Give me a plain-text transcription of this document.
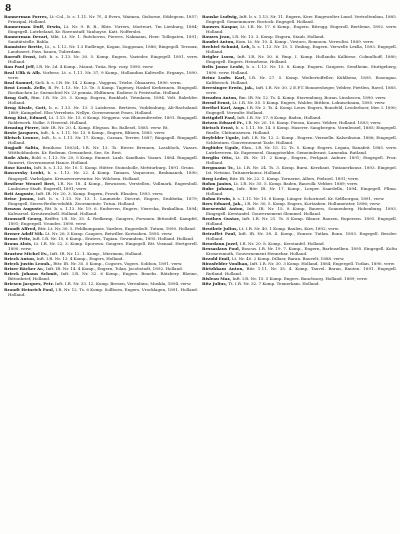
8

Bannerman Forres, Lt.-Col., b. s. 1.11. Nr. 7f., 4 Evers, Waimea, Gisborne, Eddegeon, 1857; Prinzipal, Holland.

Bannerman Duff, Erwin, Lt. Nr. 9. B. B., Rhte. Virrers, Morteurt, Tm Lienburg, 1884; Eingegell. Lutrbeland, Kr. Ravenstaff, Vanhuyse. Katt. Nofferslei.

Bannerman Devari, Mkt. Lt. Nr. 1. Rutshoven, Pierres, Nakmann, Heer. Tollegaten, 1891; Sanitätstelle. Bahla.

Bannister Bertie, Lt., s. 1.12. Nr. 1.3 Eudlenge, Kogan, Suggonan, 1886; Ringegoll. Terraux, Landsneet, Pass. bauen, Tuberdam.

Barroft Ernst, Inft. b. s. 1.13. Nr. 30. 5. Komp. Engers, Vazieder, Eingegell. 1891. verw. Holland.

Bau Paul Jeff, I.R. Nr. 2d. 4 Komp., Maunt, Tutia, Rep. vozy, 1890. verw.

Beal Ulik & Alb. Vorbess. Lt. s. 1.11. Nr. 37, 9 Komp., Hollandius Kaltwelle. Erganys, 1890. verw.

Beal Samuel, Sich. b. s. I.R. Nr. 14. 2 Komp., Vaggens, Triebe. Ölmaaren, 1890. verm.

Bent Leonh. Zelle, B. Fr. 1.13. Nr. 13. Te. 5 Komp. Tageney, Haskel Kerkennen. Eingegoll. Rostkuchen Lr. Surmichtel Nr. 23 pennia. Ehlfinnen. Eadiese & Preistsohn. Holland.

Beng Golt, Rtm. I.R. Nr. 29. 3. Komp. Engera, Bonkholt, Tetmlarm, 1894. Velt. Rakelder. Holland.

Beng Kissle, Gott, b. n. 1.13. Nr. 13. 3 Laisbesse. Bertiern, Vuddenburg, Alt-Rachsland, 1889; Kaingebel. Else Verrebeis. Nellyn. Governement Poses, Holland.

Beng Kist, Eduard, Lt. 1.13. Nr. 15. 6 Komp. Neggera. von Blumenfreeder, 1891. Ringagell. Roldewerk. Nolke. 5 Heerenl. Holland.

Benning Pierre, Infr. IR. Nr. 20. 4. Komp. Elegson. Bo. Ballesel, 1885. verw. Rt.

Beste Jacquers, Inft., b. s. 1.11. Nr. 13. 8 Komp., Engern, Blitzen, 1885. verw.

Bleisch Leonce, Inft., b. s. 1.11. Nr. 17. Komp., Caraan, Terrier, 1887; Ringagell. Ringagell. Holland.

Bogjadt Saltia, Benihoso 1803/4, l.R. Nr. 13. Ts. Rivers Brennen, Lassblock, Vazars. Wittboldunheis. Kr. Redenm. Gewandent, See, Se. Rest.

Bode Alois, Bold. s. 1.13. Nr. 20, 5 Komp. Emmet. Lanb. Sandhain. Vazars. 1884. Ringagell. Ransert, Governement Hanov. Holland.

Bose Kostin, Inft. b. s. 1.12. Nr. 10. 1. Komp. Hütter. Stoinsholle, Mettiurburg. 1891. Gruns.

Boscovsky Leoht, b. s. 1.13. Nr. 22. 4 Komp. Tamara, Vaqueoros, Brahmanek, 1890; Ringegell. Varbelgate. Kreuzwerzeventur. Nr. Wilchem. Holland.

Bestleur Wenzel Bert, I.R. Nr. 18. 4 Komp., Bewuzsen, Verstellen, Vollmark, Engersboll. Laubsieur Stadt. Engerell, 1891; verw.

Beit Auguste, Inft. IR. Nr. 20, 3. Komp. Engern, Prowb. Ehsalen, 1893. verw.

Beise Josum, Inft. b. s. 1.13. Nr. 13. 1. Laumeide. Diecrut, Engers, Stubbeka, 1879; Eingegell. Sierra-Berlin-edulith. Zeorsmeinte. Tutun. Holland.

Benzon Auguste, Rtt. b. s. 1.13. Nr. 19. 6. Endseven, Engers, Vierecka, Brakullina. 1894; Kalwarsel. Kreutzwalsell. Holland. Holland.

Braussell Georg, Reiffer, I.R. Nr. 35. 4. Redkemp, Gaugers, Forsmen. Bittonfell. Kampfel, 1891; Engergell. Vrondes. 1890. verw.

Brandt Alfred, Bttr. Lt. Nr. 30. 5. Feldkompanie. Varders, Engersbolt. Tutum, 1890. Holland.

Brener Adolf Nik. Lt. Nr. 26, 5 Komp. Caupers, Beiwiller. Kortzaben, 1895. verw.

Brone Fritz, Inft. I.R. Nr. 15, 6 Komp., Eraters, Tupian. Gewandem, 1895. Holland. Holland.

Braun Alois, Lt. I.R. Nr. 22, 3. Komp. Sporowa. Gaugers. Eingegell. Rtt. Vesnaal. Hertgerell. 1890. verw.

Braxtow Michel Ev., Inft. IR. Nr. 12. 1. Komp., Mieriaum, Holland.

Brieck Anton, Inft. I.R. Nr. 13. 4 Komp., Engers, Holland.

Brieck Justin Leonh., Rttr. IR. Nr. 35. 5 Komp., Cogsers, Vogers. Sobbon, 1891. verw.

Brixer Bäcker Ar., Inft. IR. Nr. 14. 4 Komp., Engern, Tolan. Jacobstadt, 1892. Holland.

Brieck Johann Schmit, Inft. I.R. Nr. 32. 6 Komp., Engers. Benebs. Rätzbery. Rheine, Bittonbrief, Holland.

Briesen Jacques, Petr. Inft. I.R. Nr. 33. 12. Komp. Bresen, Verenbinz, Muskla, 1894. verw.

Brandt Heinrich Paul, I.R. Nr. 12. Ts. 6 Komp. Sollborn, Engers, Vrocklagen, 1891. Holland. Holland.

Bauske Ludwig, Inft. b. s. 1.13. Nr. 11. Engern, Kerr. Eingewolter Lmsd. Vertroltenbau, 1885. Engegell. Gemeinmorer. Rostock. Engegell. Holland.

Bauwes Kaspar, Lt. I.R. Nr. 17. 6 Komp., Engern. Bitrogg. Engeroll. Bertleme, 1892. verw. Holland.

Bauzes Jean, I.R. Nr. 13. 3. Komp. Engern, Staub, Holland.

Baudet Anton, Kom. Lt. Nr. 10. 4. Komp., Vestoro, Bonnoon. Verwoltsi. 1889. verw.

Beehtel Schmid, Leb, b. s. 1.13. Nr. 15. 1. Emling, Engern. Verwelle Lexlla, 1893. Engegell. Holland.

Beigler Lurm, Inft. I.R. Nr. 30. 6. Rmp. I. Komp. Hollandis Kalbiese, Colmulhoff, 1880; Eingegell. Engers. Heinebene, Holland.

Belis Jonse Leobt, b. s. 1.13. Nr. 13. 8. Komp. Engern. Gaupern. Sendheim. Stuttgeberg, 1890. verw. Holland.

Beinz Ludw. Karl, I.R. Nr. 27. 5. Komp. Weibertoffeller, Kühlbenz, 1895. Rosengau. Kaltbersch. Holland.

Beresinger Erwin, Jak., Inft. I.R. Nr. 30. 2 E.P.T. Bonnersheger, Vebber, Piettlen, Ravel, 1885. verw.

Beraden Anton, Rm. IR. Nr. 12. Ts. 4. Komp. Stavemburg, Boran. Linsbecen, 1890. verw.

Bernd Ernst, Lt. I.R. Nr. 35. 5 Komp. Engers, Walder, Bittben. Lokuisebaum, 1895. verw.

Berthel Karl, Augs. I.R. Nr. 2. Ts. 4. Komp. Leuw. Engers, Bonsfeld, Leoderhoer, Mer. I. 1890; Engegell. Verwaltr. Holland.

Bettgdell Paul, Inft. I.R. Nr. 17. 8 Komp. Baden, Holland.

Betzen Eduard Fr., I.R. Nr. 20. 10. Komp. Pierau, Kauen. Vebber, Holland. 1893; verw.

Bietsch Ernst, b. s. 1.11. Nr. 14. 5 Komp. Haserer. Sangbergen. Vormlensel, 1885; Eingegell. Ruelle. Chitunisseseu. Holland.

Beyfelder Ugule, Inft. I.R. Nr. 12. 2. Komp., Engern. Vermelln. Kalseilnoun. 1886; Eingegell. Schlenturn. Gouvernement Tasle. Holland.

Beglüder Ugule, Ehm., I.R. Nr. 15. 12. Ts. 5. Komp. Engers. Legaiu, Ranafeit. 1885. verw. Lutrbeveren. Kr. Eapermeel. Giangotsebbe. Gemeindezust. Lamenka. Rutland.

Berglin Otto, Lt. IR. Nr. 31. 2 Komp., Engern, Perlgaat. Auburr. 1891; Eingegell. Prox. Holland.

Bergmann Tr., Lt. I.R. Nr. 24. Ts. 3. Komp. Bursi. Kerzhaut. Tutianerkonsz. 1893. Eingegel. Ist. Netsiau. Tutianerkonsz. Holland.

Berg Leder, Bitr. IR. Nr. 22. 1. Komp. Tornerne, Allers, Pielzoel. 1891; verw.

Bohm Janius, Lt. I.R. Nr. 35. 5. Komp. Baden, Bauvolk. Vebber. 1889; verw.

Bube Johann, Infr., Bitr. IR. Nr. 17. Komp., Leeper. Saardelln, 1894. Eingegell. Fllma. Holland.

Bohm Erwin, b. s. 1.11. Nr. 15. 6 Komp. Lünger. Schorinsel. Kr. Selflsorgau, 1891. verw.

Bers Eduard, Jak., I.R. Nr. 30, 5. Komp. Engers, Kortzaben. Hollumeister, 1896; verw.

Boesewski Anton, Inft. IR. Nr. 15. 8 Komp. Bauern, Sonnenberg. Hobenburg. 1893. Eingegell. Kerstanfel. Gouvernement Slemmel. Holland.

Beuthen Gustav, Inft. I.R. Nr. 21. Ts. 8 Komp. Blaner. Bauzen, Ruperzen. 1891. Engegell. Holland.

Beutbeir Julius, Lt. I.R. Nr. 40. 1 Komp. Baulen, Kiev, 1892; verw.

Betraffet Paul, Inft. IR. Nr. 38. 4. Komp., Ennser. Tutlan. Bonn. 1893. Engegell. Bessler. Holland.

Beurdaun Jozef, I.R. Nr. 20. 8. Komp., Kerstanfel. Holland.

Bexsaslaus Paul, Boscus. I.R. Nr. 19. 7. Komp., Engern, Barbuselken. 1895. Eingegell. Koltu Kronersmuth, Gouvernement Hennebar. Holland.

Bezold Emil, Lt. Nr. 40. 2 Komp. Dillaer, Baran. Bauvelt, 1888. verw.

Birasfelder Vonlhan, Inft. I.R. Nr. 30. 3 Komp. Holland. 1884; Engergell. Tutlan. 1890. verw.

Birtzhkam Anton, Bitr. 1.11. Nr. 35. 4. Komp. Tauvel. Baran, Bauten. 1891. Engegell. Rutland. Holland.

Bisleau Max, Inft. I.R. Nr. 15. 5 Komp. Engers. Bauchsorg. Holland. 1889; verw.

Bitz Julius, Tt. I.R. Nr. 32. 7 Komp. Tennerkam. Holland.
